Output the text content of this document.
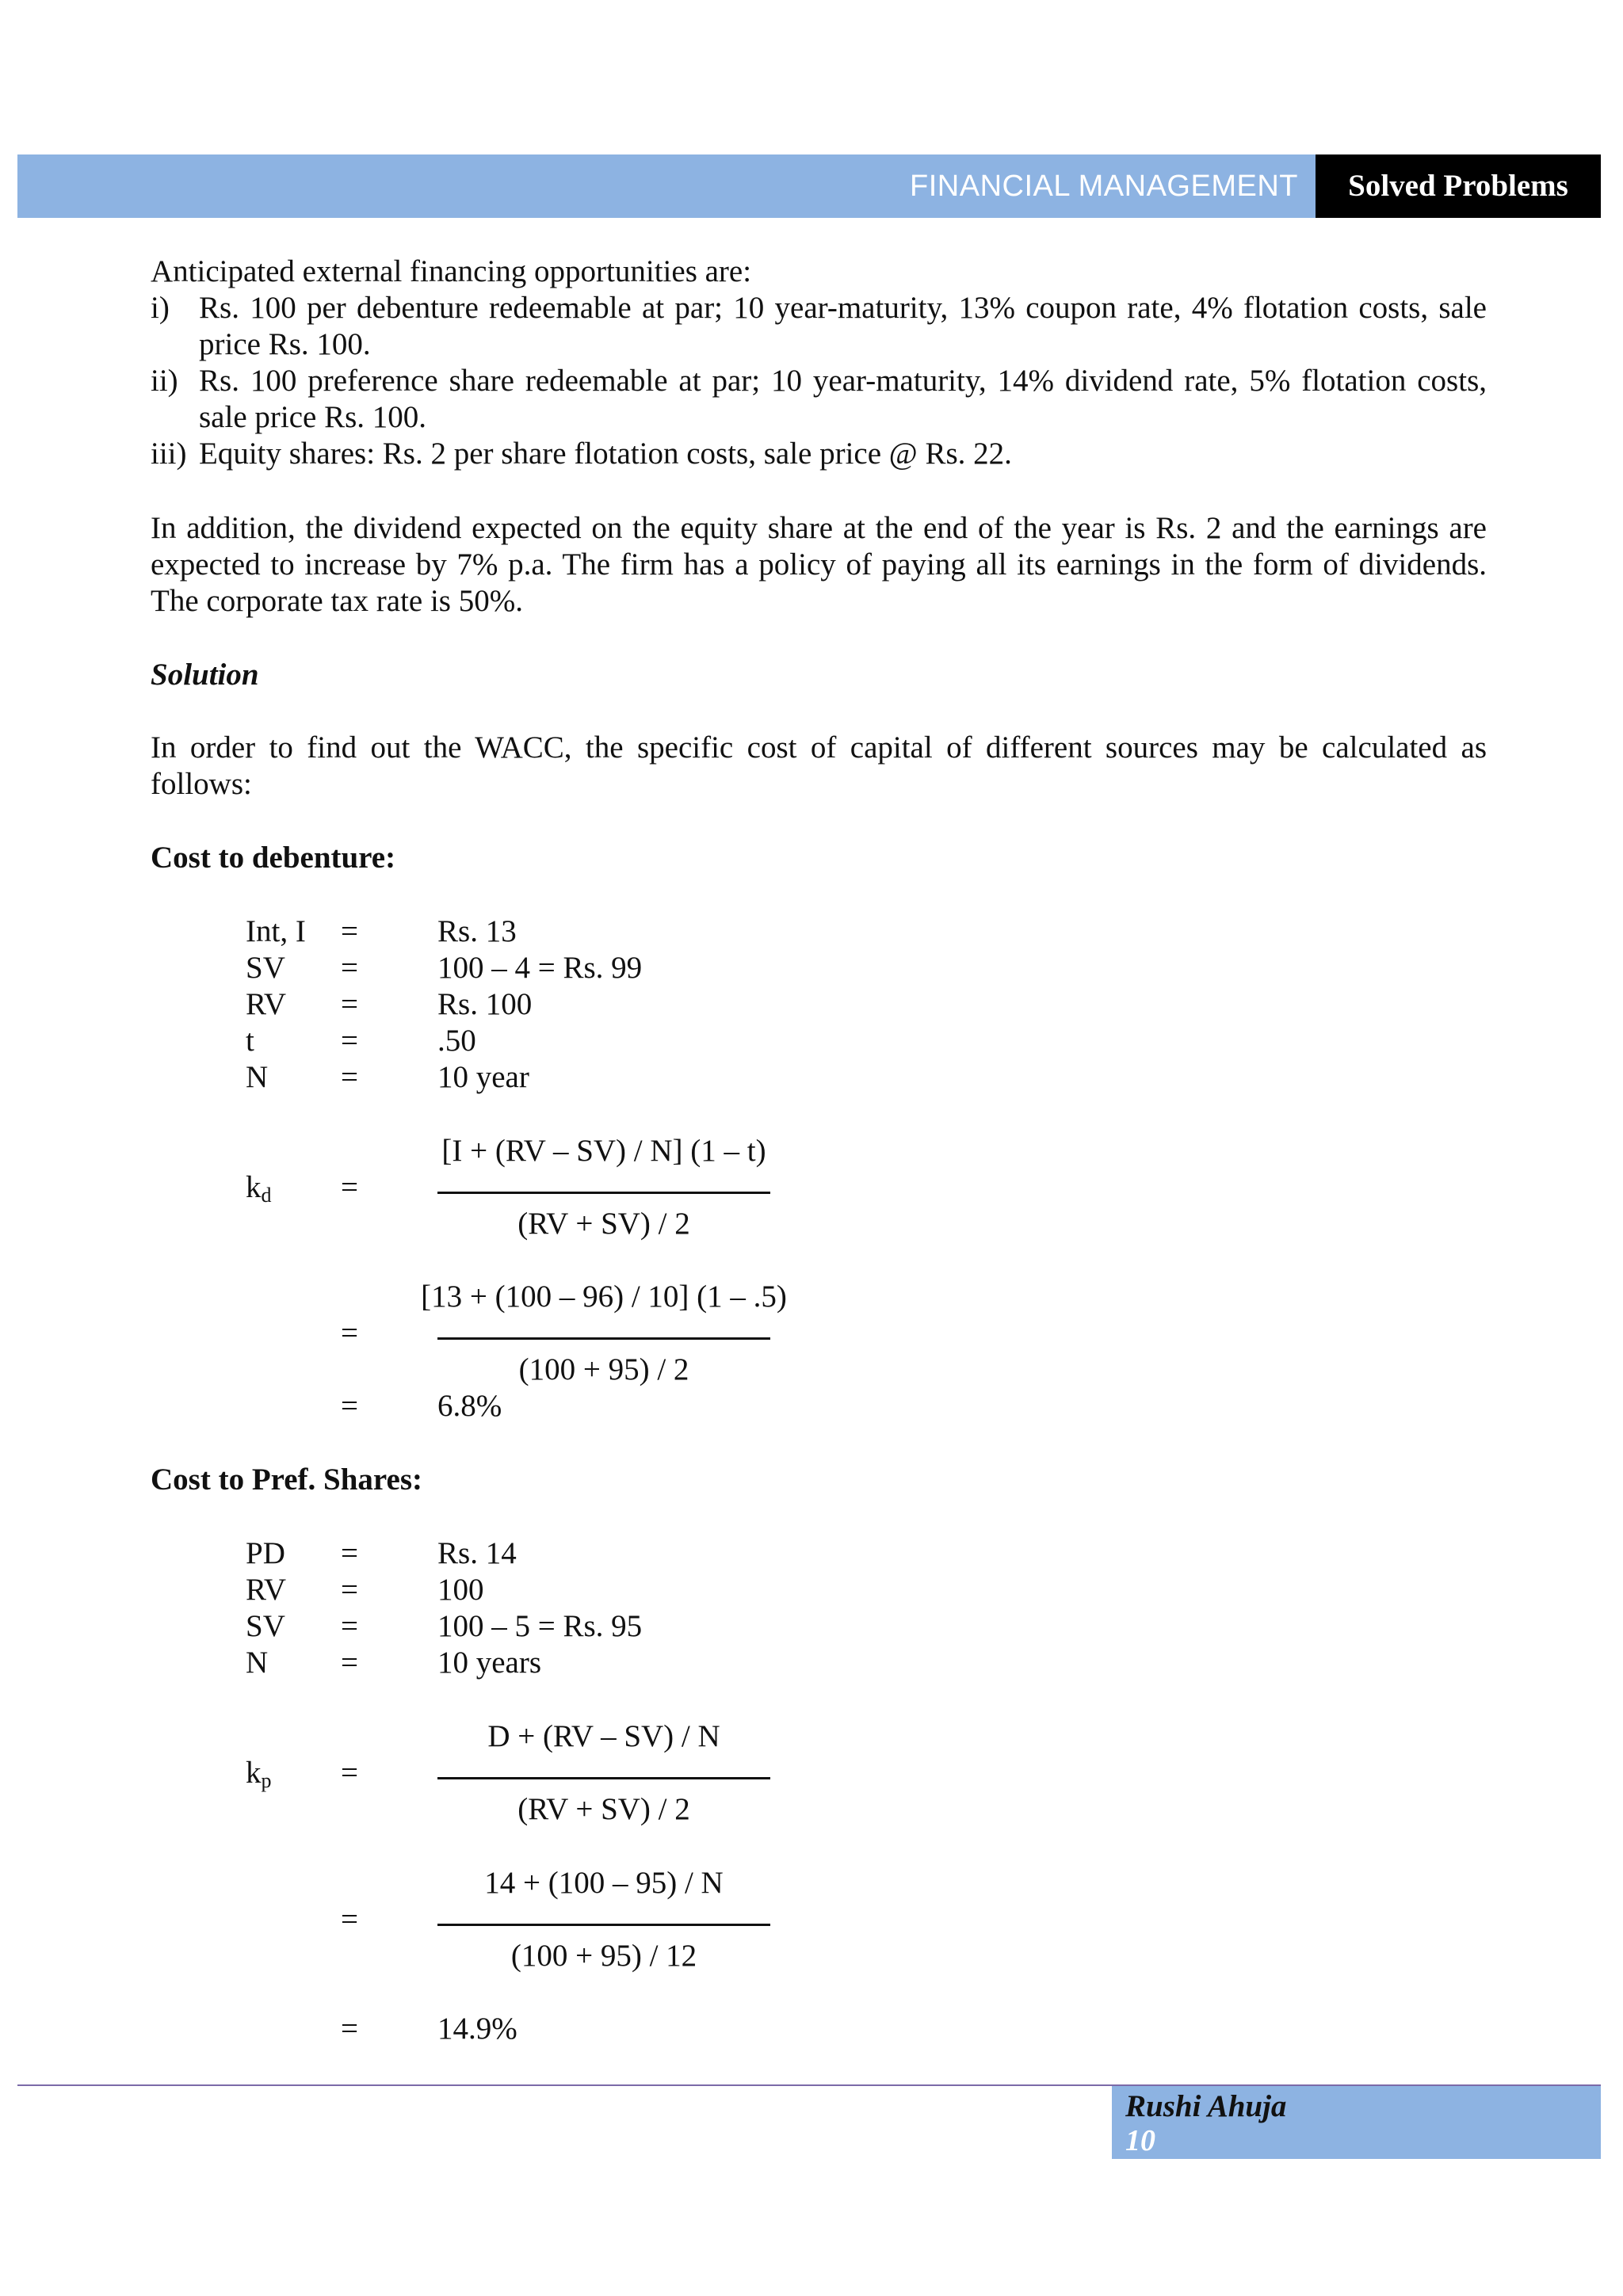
FINANCIAL MANAGEMENT	Solved Problems
Anticipated external financing opportunities are:
i) Rs. 100 per debenture redeemable at par; 10 year-maturity, 13% coupon rate, 4% flotation costs, sale
price Rs. 100.
ii) Rs. 100 preference share redeemable at par; 10 year-maturity, 14% dividend rate, 5% flotation costs,
sale price Rs. 100.
iii) Equity shares: Rs. 2 per share flotation costs, sale price @ Rs. 22.
In addition, the dividend expected on the equity share at the end of the year is Rs. 2 and the earnings are
expected to increase by 7% p.a. The firm has a policy of paying all its earnings in the form of dividends.
The corporate tax rate is 50%.
Solution
In order to find out the WACC, the specific cost of capital of different sources may be calculated as
follows:
Cost to debenture:
Int, I =	Rs. 13
SV =	100 – 4 = Rs. 99
RV =	Rs. 100
t	=	.50
N =	10 year
[I + (RV – SV) / N] (1 – t)
$k_d$ =
(RV + SV) / 2
[13 + (100 – 96) / 10] (1 – .5)
=
(100 + 95) / 2
=	6.8%
Cost to Pref. Shares:
PD =	Rs. 14
RV =	100
SV =	100 – 5 = Rs. 95
N =	10 years
D + (RV – SV) / N
$k_p$ =
(RV + SV) / 2
14 + (100 – 95) / N
=
(100 + 95) / 12
=	14.9%
Rushi Ahuja
10
